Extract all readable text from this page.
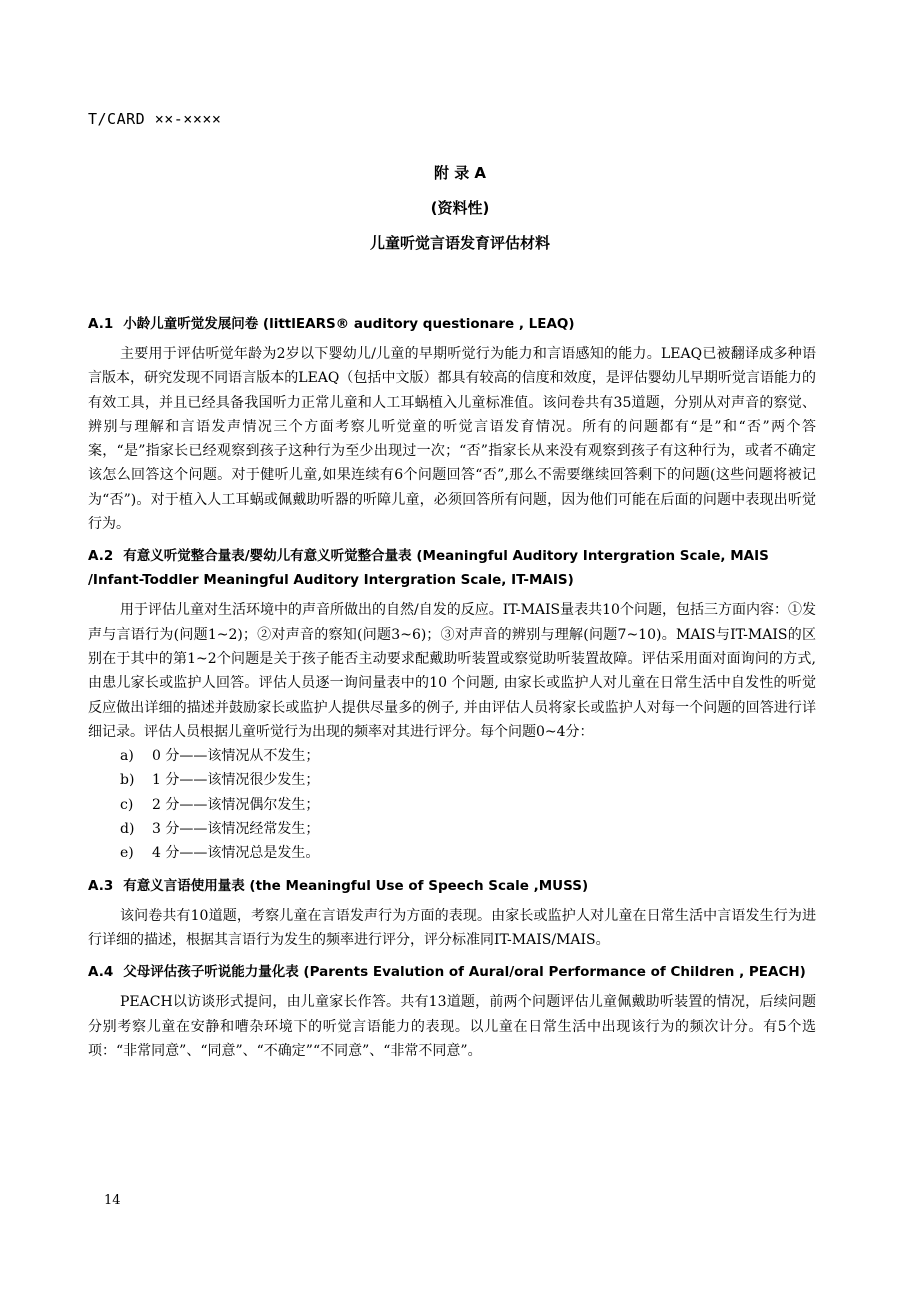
T/CARD ××-××××
附 录 A
(资料性)
儿童听觉言语发育评估材料

A.1 小龄儿童听觉发展问卷 (littlEARS® auditory questionare , LEAQ)

主要用于评估听觉年龄为2岁以下婴幼儿/儿童的早期听觉行为能力和言语感知的能力。LEAQ已被翻译成多种语言版本，研究发现不同语言版本的LEAQ（包括中文版）都具有较高的信度和效度，是评估婴幼儿早期听觉言语能力的有效工具，并且已经具备我国听力正常儿童和人工耳蜗植入儿童标准值。该问卷共有35道题，分别从对声音的察觉、辨别与理解和言语发声情况三个方面考察儿听觉童的听觉言语发育情况。所有的问题都有“是”和“否”两个答案，“是”指家长已经观察到孩子这种行为至少出现过一次；“否”指家长从来没有观察到孩子有这种行为，或者不确定该怎么回答这个问题。对于健听儿童,如果连续有6个问题回答“否”,那么不需要继续回答剩下的问题(这些问题将被记为“否”)。对于植入人工耳蜗或佩戴助听器的听障儿童，必须回答所有问题，因为他们可能在后面的问题中表现出听觉行为。

A.2 有意义听觉整合量表/婴幼儿有意义听觉整合量表 (Meaningful Auditory Intergration Scale, MAIS /Infant-Toddler Meaningful Auditory Intergration Scale, IT-MAIS)

用于评估儿童对生活环境中的声音所做出的自然/自发的反应。IT-MAIS量表共10个问题，包括三方面内容：①发声与言语行为(问题1~2)；②对声音的察知(问题3~6)；③对声音的辨别与理解(问题7~10)。MAIS与IT-MAIS的区别在于其中的第1~2个问题是关于孩子能否主动要求配戴助听装置或察觉助听装置故障。评估采用面对面询问的方式, 由患儿家长或监护人回答。评估人员逐一询问量表中的10 个问题, 由家长或监护人对儿童在日常生活中自发性的听觉反应做出详细的描述并鼓励家长或监护人提供尽量多的例子, 并由评估人员将家长或监护人对每一个问题的回答进行详细记录。评估人员根据儿童听觉行为出现的频率对其进行评分。每个问题0~4分：

a) 0 分——该情况从不发生；

b) 1 分——该情况很少发生；

c) 2 分——该情况偶尔发生；

d) 3 分——该情况经常发生；

e) 4 分——该情况总是发生。

A.3 有意义言语使用量表 (the Meaningful Use of Speech Scale ,MUSS)

该问卷共有10道题，考察儿童在言语发声行为方面的表现。由家长或监护人对儿童在日常生活中言语发生行为进行详细的描述，根据其言语行为发生的频率进行评分，评分标准同IT-MAIS/MAIS。

A.4 父母评估孩子听说能力量化表 (Parents Evalution of Aural/oral Performance of Children , PEACH)

PEACH以访谈形式提问，由儿童家长作答。共有13道题，前两个问题评估儿童佩戴助听装置的情况，后续问题分别考察儿童在安静和嘈杂环境下的听觉言语能力的表现。以儿童在日常生活中出现该行为的频次计分。有5个选项：“非常同意”、“同意”、“不确定”“不同意”、“非常不同意”。

14
